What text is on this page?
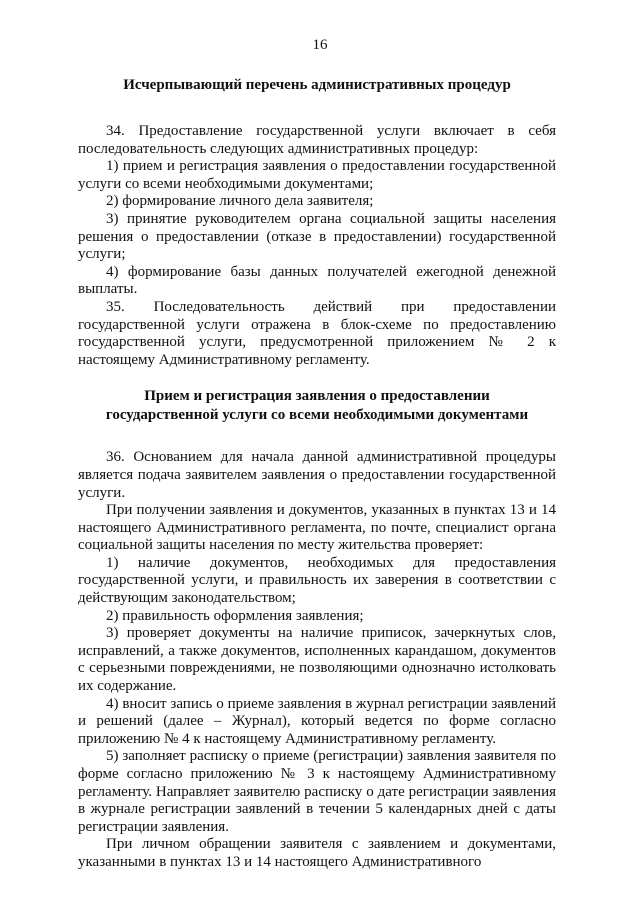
16
Исчерпывающий перечень административных процедур

34. Предоставление государственной услуги включает в себя последовательность следующих административных процедур:

1) прием и регистрация заявления о предоставлении государственной услуги со всеми необходимыми документами;

2) формирование личного дела заявителя;

3) принятие руководителем органа социальной защиты населения решения о предоставлении (отказе в предоставлении) государственной услуги;

4) формирование базы данных получателей ежегодной денежной выплаты.

35. Последовательность действий при предоставлении государственной услуги отражена в блок-схеме по предоставлению государственной услуги, предусмотренной приложением № 2 к настоящему Административному регламенту.

Прием и регистрация заявления о предоставлении
государственной услуги со всеми необходимыми документами

36. Основанием для начала данной административной процедуры является подача заявителем заявления о предоставлении государственной услуги.

При получении заявления и документов, указанных в пунктах 13 и 14 настоящего Административного регламента, по почте, специалист органа социальной защиты населения по месту жительства проверяет:

1) наличие документов, необходимых для предоставления государственной услуги, и правильность их заверения в соответствии с действующим законодательством;

2) правильность оформления заявления;

3) проверяет документы на наличие приписок, зачеркнутых слов, исправлений, а также документов, исполненных карандашом, документов с серьезными повреждениями, не позволяющими однозначно истолковать их содержание.

4) вносит запись о приеме заявления в журнал регистрации заявлений и решений (далее – Журнал), который ведется по форме согласно приложению № 4 к настоящему Административному регламенту.

5) заполняет расписку о приеме (регистрации) заявления заявителя по форме согласно приложению № 3 к настоящему Административному регламенту. Направляет заявителю расписку о дате регистрации заявления в журнале регистрации заявлений в течении 5 календарных дней с даты регистрации заявления.

При личном обращении заявителя с заявлением и документами, указанными в пунктах 13 и 14 настоящего Административного
